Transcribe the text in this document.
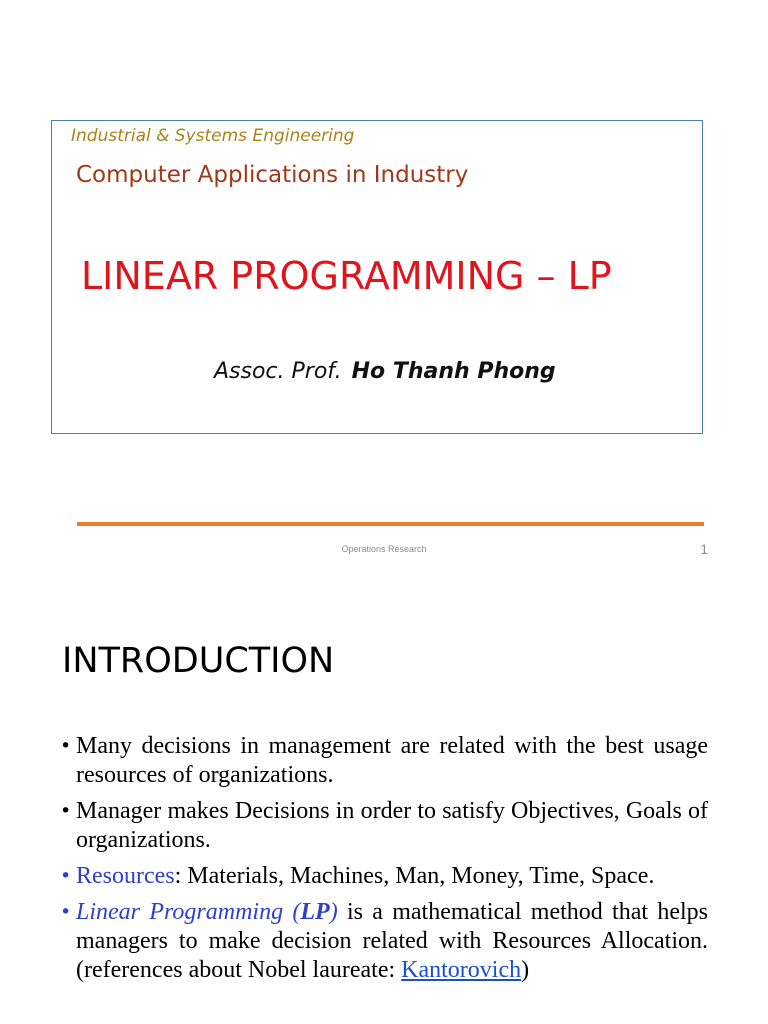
Industrial & Systems Engineering
Computer Applications in Industry
LINEAR PROGRAMMING – LP
Assoc. Prof. Ho Thanh Phong
Operations Research	1
INTRODUCTION
• Many decisions in management are related with the best usage resources of organizations.
• Manager makes Decisions in order to satisfy Objectives, Goals of organizations.
• Resources: Materials, Machines, Man, Money, Time, Space.
• Linear Programming (LP) is a mathematical method that helps managers to make decision related with Resources Allocation. (references about Nobel laureate: Kantorovich)
